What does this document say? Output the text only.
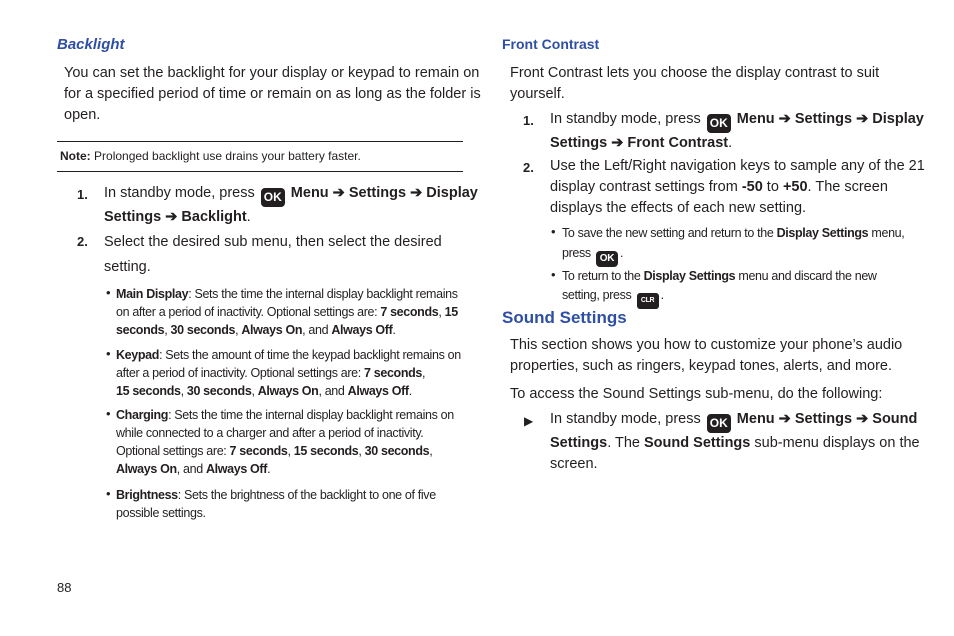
Backlight
You can set the backlight for your display or keypad to remain on
for a specified period of time or remain on as long as the folder is
open.
Note: Prolonged backlight use drains your battery faster.
1. In standby mode, press OK Menu ➔ Settings ➔ Display
Settings ➔ Backlight.
2. Select the desired sub menu, then select the desired
setting.
• Main Display: Sets the time the internal display backlight remains
on after a period of inactivity. Optional settings are: 7 seconds, 15
seconds, 30 seconds, Always On, and Always Off.
• Keypad: Sets the amount of time the keypad backlight remains on
after a period of inactivity. Optional settings are: 7 seconds,
15 seconds, 30 seconds, Always On, and Always Off.
• Charging: Sets the time the internal display backlight remains on
while connected to a charger and after a period of inactivity.
Optional settings are: 7 seconds, 15 seconds, 30 seconds,
Always On, and Always Off.
• Brightness: Sets the brightness of the backlight to one of five
possible settings.
88
Front Contrast
Front Contrast lets you choose the display contrast to suit
yourself.
1. In standby mode, press OK Menu ➔ Settings ➔ Display
Settings ➔ Front Contrast.
2. Use the Left/Right navigation keys to sample any of the 21
display contrast settings from -50 to +50. The screen
displays the effects of each new setting.
• To save the new setting and return to the Display Settings menu,
press OK .
• To return to the Display Settings menu and discard the new
setting, press CLR .
Sound Settings
This section shows you how to customize your phone’s audio
properties, such as ringers, keypad tones, alerts, and more.
To access the Sound Settings sub-menu, do the following:
▶ In standby mode, press OK Menu ➔ Settings ➔ Sound
Settings. The Sound Settings sub-menu displays on the
screen.
